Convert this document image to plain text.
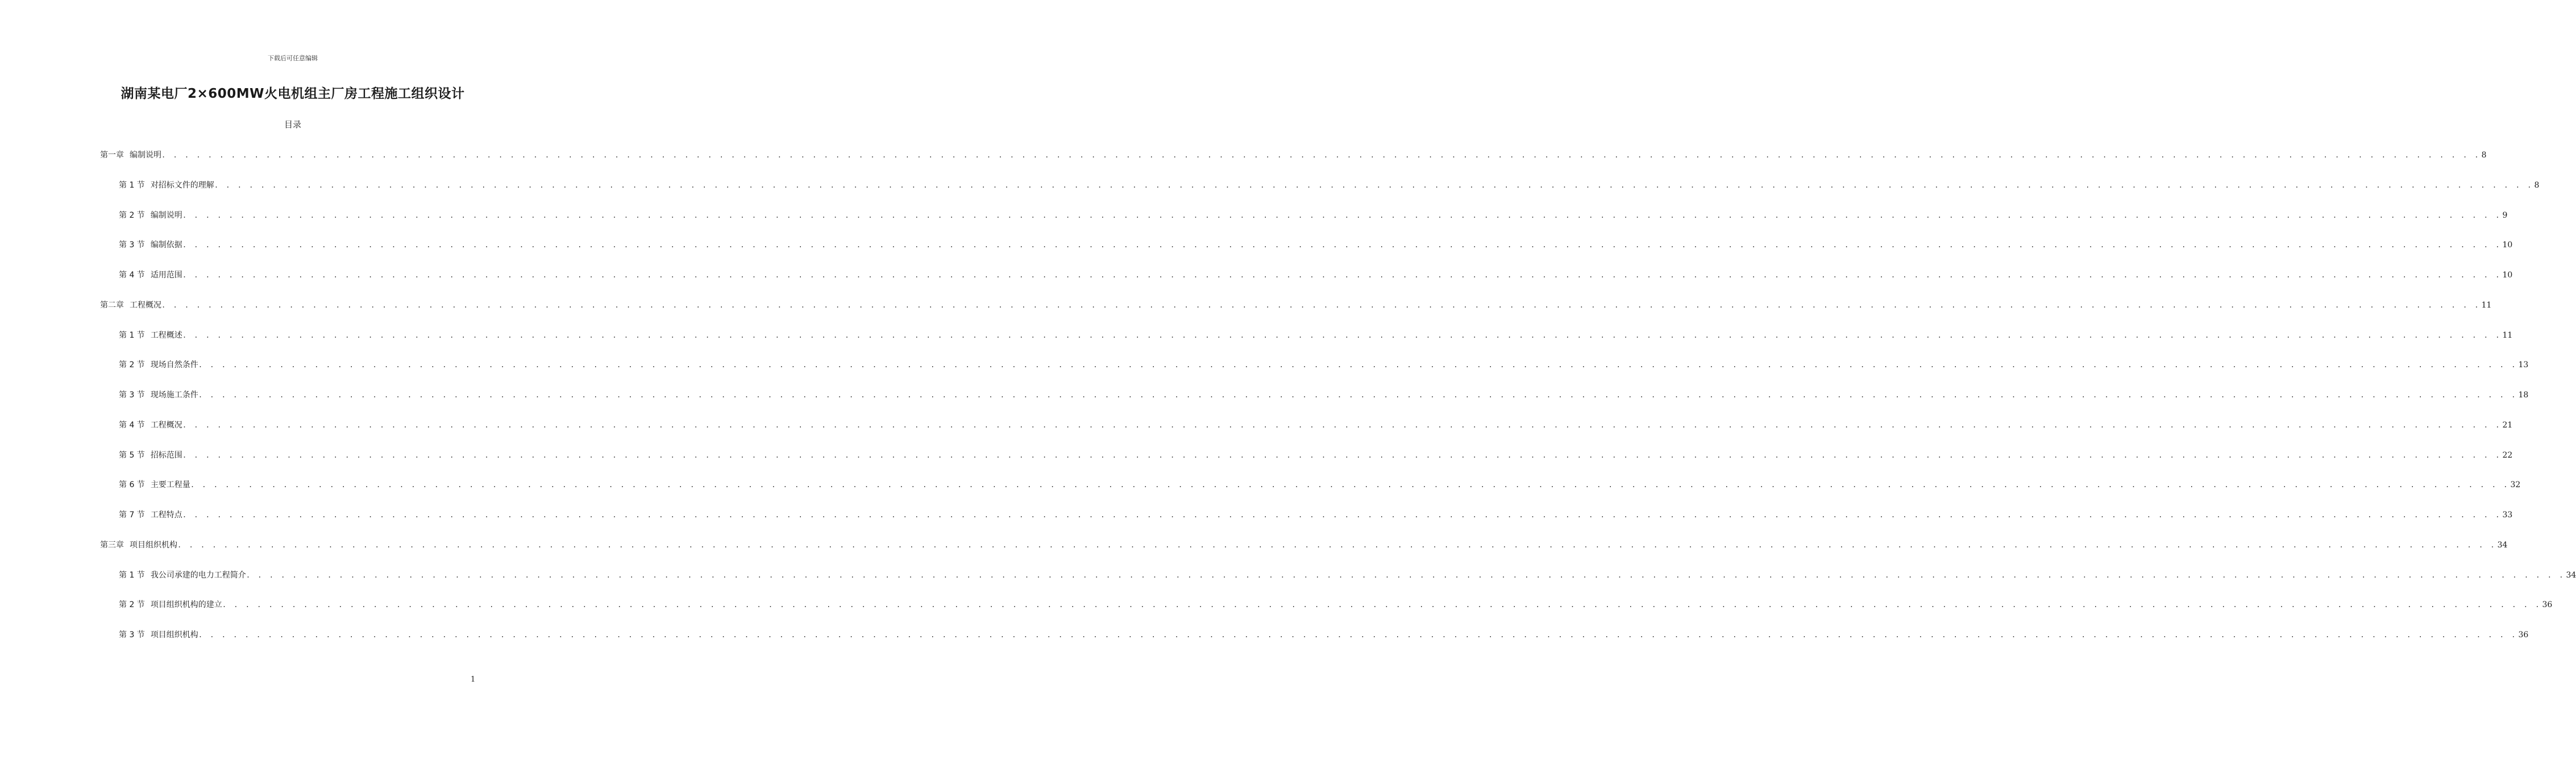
下载后可任意编辑
湖南某电厂2×600MW火电机组主厂房工程施工组织设计
目录
第一章 编制说明 . . . . . . . . . . . . . . . . . . . . . . . . . . . . . . . . . . . . . . . . . . . . . . . . . . . . . . . . . . . . . . . . . . . . . . . . . . . . . . . . . . . . . . . . . . . . . . . . . . . . . . . . . . . . . . . . . . . . . . . . . . . . . . . . . . . . . . . . . . . . . . . . . . . . . . . . . . . . . . . . . . . . . . . . . . . . . . . . . . . . . . . . . . . . . . . . . . . . . . . . 8
第 1 节 对招标文件的理解 . . . . . . . . . . . . . . . . . . . . . . . . . . . . . . . . . . . . . . . . . . . . . . . . . . . . . . . . . . . . . . . . . . . . . . . . . . . . . . . . . . . . . . . . . . . . . . . . . . . . . . . . . . . . . . . . . . . . . . . . . . . . . . . . . . . . . . . . . . . . . . . . . . . . . . . . . . . . . . . . . . . . . . . . . . . . . . . . . . . . . . . . . . . . . . . . . . . . . . . . 8
第 2 节 编制说明 . . . . . . . . . . . . . . . . . . . . . . . . . . . . . . . . . . . . . . . . . . . . . . . . . . . . . . . . . . . . . . . . . . . . . . . . . . . . . . . . . . . . . . . . . . . . . . . . . . . . . . . . . . . . . . . . . . . . . . . . . . . . . . . . . . . . . . . . . . . . . . . . . . . . . . . . . . . . . . . . . . . . . . . . . . . . . . . . . . . . . . . . . . . . . . . . . . . . . . . . 9
第 3 节 编制依据 . . . . . . . . . . . . . . . . . . . . . . . . . . . . . . . . . . . . . . . . . . . . . . . . . . . . . . . . . . . . . . . . . . . . . . . . . . . . . . . . . . . . . . . . . . . . . . . . . . . . . . . . . . . . . . . . . . . . . . . . . . . . . . . . . . . . . . . . . . . . . . . . . . . . . . . . . . . . . . . . . . . . . . . . . . . . . . . . . . . . . . . . . . . . . . . . . . . . . . . . 10
第 4 节 适用范围 . . . . . . . . . . . . . . . . . . . . . . . . . . . . . . . . . . . . . . . . . . . . . . . . . . . . . . . . . . . . . . . . . . . . . . . . . . . . . . . . . . . . . . . . . . . . . . . . . . . . . . . . . . . . . . . . . . . . . . . . . . . . . . . . . . . . . . . . . . . . . . . . . . . . . . . . . . . . . . . . . . . . . . . . . . . . . . . . . . . . . . . . . . . . . . . . . . . . . . . . 10
第二章 工程概况 . . . . . . . . . . . . . . . . . . . . . . . . . . . . . . . . . . . . . . . . . . . . . . . . . . . . . . . . . . . . . . . . . . . . . . . . . . . . . . . . . . . . . . . . . . . . . . . . . . . . . . . . . . . . . . . . . . . . . . . . . . . . . . . . . . . . . . . . . . . . . . . . . . . . . . . . . . . . . . . . . . . . . . . . . . . . . . . . . . . . . . . . . . . . . . . . . . . . . . . . 11
第 1 节 工程概述 . . . . . . . . . . . . . . . . . . . . . . . . . . . . . . . . . . . . . . . . . . . . . . . . . . . . . . . . . . . . . . . . . . . . . . . . . . . . . . . . . . . . . . . . . . . . . . . . . . . . . . . . . . . . . . . . . . . . . . . . . . . . . . . . . . . . . . . . . . . . . . . . . . . . . . . . . . . . . . . . . . . . . . . . . . . . . . . . . . . . . . . . . . . . . . . . . . . . . . . . 11
第 2 节 现场自然条件 . . . . . . . . . . . . . . . . . . . . . . . . . . . . . . . . . . . . . . . . . . . . . . . . . . . . . . . . . . . . . . . . . . . . . . . . . . . . . . . . . . . . . . . . . . . . . . . . . . . . . . . . . . . . . . . . . . . . . . . . . . . . . . . . . . . . . . . . . . . . . . . . . . . . . . . . . . . . . . . . . . . . . . . . . . . . . . . . . . . . . . . . . . . . . . . . . . . . . . . . 13
第 3 节 现场施工条件 . . . . . . . . . . . . . . . . . . . . . . . . . . . . . . . . . . . . . . . . . . . . . . . . . . . . . . . . . . . . . . . . . . . . . . . . . . . . . . . . . . . . . . . . . . . . . . . . . . . . . . . . . . . . . . . . . . . . . . . . . . . . . . . . . . . . . . . . . . . . . . . . . . . . . . . . . . . . . . . . . . . . . . . . . . . . . . . . . . . . . . . . . . . . . . . . . . . . . . . . 18
第 4 节 工程概况 . . . . . . . . . . . . . . . . . . . . . . . . . . . . . . . . . . . . . . . . . . . . . . . . . . . . . . . . . . . . . . . . . . . . . . . . . . . . . . . . . . . . . . . . . . . . . . . . . . . . . . . . . . . . . . . . . . . . . . . . . . . . . . . . . . . . . . . . . . . . . . . . . . . . . . . . . . . . . . . . . . . . . . . . . . . . . . . . . . . . . . . . . . . . . . . . . . . . . . . . 21
第 5 节 招标范围 . . . . . . . . . . . . . . . . . . . . . . . . . . . . . . . . . . . . . . . . . . . . . . . . . . . . . . . . . . . . . . . . . . . . . . . . . . . . . . . . . . . . . . . . . . . . . . . . . . . . . . . . . . . . . . . . . . . . . . . . . . . . . . . . . . . . . . . . . . . . . . . . . . . . . . . . . . . . . . . . . . . . . . . . . . . . . . . . . . . . . . . . . . . . . . . . . . . . . . . . 22
第 6 节 主要工程量 . . . . . . . . . . . . . . . . . . . . . . . . . . . . . . . . . . . . . . . . . . . . . . . . . . . . . . . . . . . . . . . . . . . . . . . . . . . . . . . . . . . . . . . . . . . . . . . . . . . . . . . . . . . . . . . . . . . . . . . . . . . . . . . . . . . . . . . . . . . . . . . . . . . . . . . . . . . . . . . . . . . . . . . . . . . . . . . . . . . . . . . . . . . . . . . . . . . . . . . . 32
第 7 节 工程特点 . . . . . . . . . . . . . . . . . . . . . . . . . . . . . . . . . . . . . . . . . . . . . . . . . . . . . . . . . . . . . . . . . . . . . . . . . . . . . . . . . . . . . . . . . . . . . . . . . . . . . . . . . . . . . . . . . . . . . . . . . . . . . . . . . . . . . . . . . . . . . . . . . . . . . . . . . . . . . . . . . . . . . . . . . . . . . . . . . . . . . . . . . . . . . . . . . . . . . . . . 33
第三章 项目组织机构 . . . . . . . . . . . . . . . . . . . . . . . . . . . . . . . . . . . . . . . . . . . . . . . . . . . . . . . . . . . . . . . . . . . . . . . . . . . . . . . . . . . . . . . . . . . . . . . . . . . . . . . . . . . . . . . . . . . . . . . . . . . . . . . . . . . . . . . . . . . . . . . . . . . . . . . . . . . . . . . . . . . . . . . . . . . . . . . . . . . . . . . . . . . . . . . . . . . . . . . . 34
第 1 节 我公司承建的电力工程简介 . . . . . . . . . . . . . . . . . . . . . . . . . . . . . . . . . . . . . . . . . . . . . . . . . . . . . . . . . . . . . . . . . . . . . . . . . . . . . . . . . . . . . . . . . . . . . . . . . . . . . . . . . . . . . . . . . . . . . . . . . . . . . . . . . . . . . . . . . . . . . . . . . . . . . . . . . . . . . . . . . . . . . . . . . . . . . . . . . . . . . . . . . . . . . . . . . . . . . . . . 34
第 2 节 项目组织机构的建立 . . . . . . . . . . . . . . . . . . . . . . . . . . . . . . . . . . . . . . . . . . . . . . . . . . . . . . . . . . . . . . . . . . . . . . . . . . . . . . . . . . . . . . . . . . . . . . . . . . . . . . . . . . . . . . . . . . . . . . . . . . . . . . . . . . . . . . . . . . . . . . . . . . . . . . . . . . . . . . . . . . . . . . . . . . . . . . . . . . . . . . . . . . . . . . . . . . . . . . . . 36
第 3 节 项目组织机构 . . . . . . . . . . . . . . . . . . . . . . . . . . . . . . . . . . . . . . . . . . . . . . . . . . . . . . . . . . . . . . . . . . . . . . . . . . . . . . . . . . . . . . . . . . . . . . . . . . . . . . . . . . . . . . . . . . . . . . . . . . . . . . . . . . . . . . . . . . . . . . . . . . . . . . . . . . . . . . . . . . . . . . . . . . . . . . . . . . . . . . . . . . . . . . . . . . . . . . . . 36
1
